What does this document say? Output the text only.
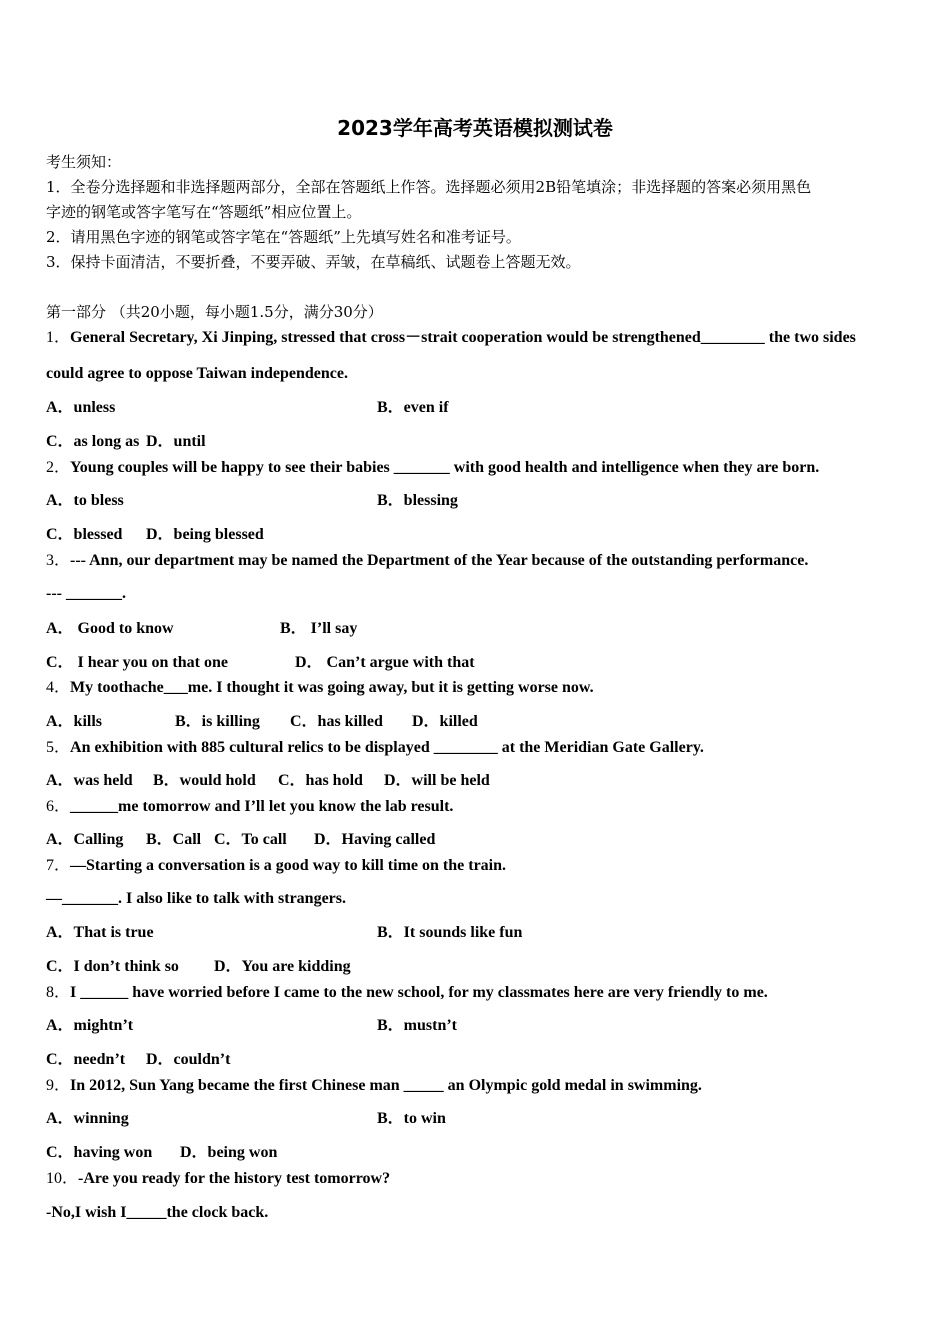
2023学年高考英语模拟测试卷
考生须知：
1．全卷分选择题和非选择题两部分，全部在答题纸上作答。选择题必须用2B铅笔填涂；非选择题的答案必须用黑色
字迹的钢笔或答字笔写在“答题纸”相应位置上。
2．请用黑色字迹的钢笔或答字笔在“答题纸”上先填写姓名和准考证号。
3．保持卡面清洁，不要折叠，不要弄破、弄皱，在草稿纸、试题卷上答题无效。
第一部分 （共20小题，每小题1.5分，满分30分）
1．General Secretary, Xi Jinping, stressed that cross－strait cooperation would be strengthened________ the two sides
could agree to oppose Taiwan independence.
A．unless	B．even if
C．as long as D．until
2．Young couples will be happy to see their babies _______ with good health and intelligence when they are born.
A．to bless	B．blessing
C．blessed D．being blessed
3．--- Ann, our department may be named the Department of the Year because of the outstanding performance.
--- _______.
A． Good to know	B． I’ll say
C． I hear you on that one	D． Can’t argue with that
4．My toothache___me. I thought it was going away, but it is getting worse now.
A．kills	B．is killing C．has killed D．killed
5．An exhibition with 885 cultural relics to be displayed ________ at the Meridian Gate Gallery.
A．was held B．would hold C．has hold D．will be held
6．______me tomorrow and I’ll let you know the lab result.
A．Calling B．Call C．To call D．Having called
7．—Starting a conversation is a good way to kill time on the train.
—_______. I also like to talk with strangers.
A．That is true	B．It sounds like fun
C．I don’t think so D．You are kidding
8．I ______ have worried before I came to the new school, for my classmates here are very friendly to me.
A．mightn’t	B．mustn’t
C．needn’t D．couldn’t
9．In 2012, Sun Yang became the first Chinese man _____ an Olympic gold medal in swimming.
A．winning	B．to win
C．having won D．being won
10．-Are you ready for the history test tomorrow?
-No,I wish I_____the clock back.
